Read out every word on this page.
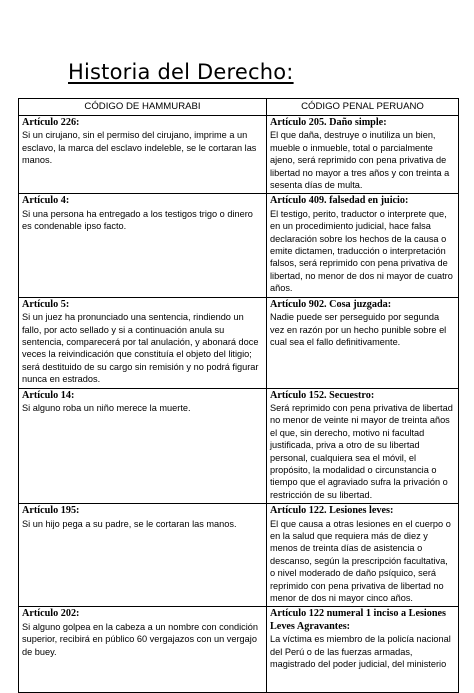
Historia del Derecho:
CÓDIGO DE HAMMURABI	CÓDIGO PENAL PERUANO

Artículo 226:
Si un cirujano, sin el permiso del cirujano, imprime a un esclavo, la marca del esclavo indeleble, se le cortaran las manos.	Artículo 205. Daño simple:
El que daña, destruye o inutiliza un bien, mueble o inmueble, total o parcialmente ajeno, será reprimido con pena privativa de libertad no mayor a tres años y con treinta a sesenta días de multa.

Artículo 4:
Si una persona ha entregado a los testigos trigo o dinero es condenable ipso facto.	Artículo 409. falsedad en juicio:
El testigo, perito, traductor o interprete que, en un procedimiento judicial, hace falsa declaración sobre los hechos de la causa o emite dictamen, traducción o interpretación falsos, será reprimido con pena privativa de libertad, no menor de dos ni mayor de cuatro años.

Artículo 5:
Si un juez ha pronunciado una sentencia, rindiendo un fallo, por acto sellado y si a continuación anula su sentencia, comparecerá por tal anulación, y abonará doce veces la reivindicación que constituía el objeto del litigio; será destituido de su cargo sin remisión y no podrá figurar nunca en estrados.	Artículo 902. Cosa juzgada:
Nadie puede ser perseguido por segunda vez en razón por un hecho punible sobre el cual sea el fallo definitivamente.

Artículo 14:
Si alguno roba un niño merece la muerte.	Artículo 152. Secuestro:
Será reprimido con pena privativa de libertad no menor de veinte ni mayor de treinta años el que, sin derecho, motivo ni facultad justificada, priva a otro de su libertad personal, cualquiera sea el móvil, el propósito, la modalidad o circunstancia o tiempo que el agraviado sufra la privación o restricción de su libertad.

Artículo 195:
Si un hijo pega a su padre, se le cortaran las manos.	Artículo 122. Lesiones leves:
El que causa a otras lesiones en el cuerpo o en la salud que requiera más de diez y menos de treinta días de asistencia o descanso, según la prescripción facultativa, o nivel moderado de daño psíquico, será reprimido con pena privativa de libertad no menor de dos ni mayor cinco años.

Artículo 202:
Si alguno golpea en la cabeza a un nombre con condición superior, recibirá en público 60 vergajazos con un vergajo de buey.	Artículo 122 numeral 1 inciso a Lesiones Leves Agravantes:
La víctima es miembro de la policía nacional del Perú o de las fuerzas armadas, magistrado del poder judicial, del ministerio
